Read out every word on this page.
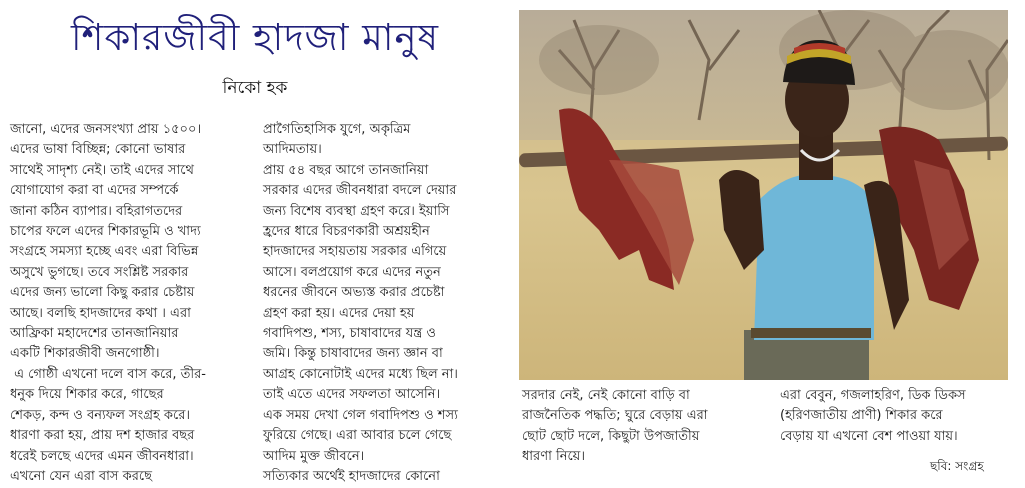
শিকারজীবী হাদজা মানুষ
নিকো হক

জানো, এদের জনসংখ্যা প্রায় ১৫০০।

এদের ভাষা বিচ্ছিন্ন; কোনো ভাষার

সাথেই সাদৃশ্য নেই। তাই এদের সাথে

যোগাযোগ করা বা এদের সম্পর্কে

জানা কঠিন ব্যাপার। বহিরাগতদের

চাপের ফলে এদের শিকারভূমি ও খাদ্য

সংগ্রহে সমস্যা হচ্ছে এবং এরা বিভিন্ন

অসুখে ভুগছে। তবে সংশ্লিষ্ট সরকার

এদের জন্য ভালো কিছু করার চেষ্টায়

আছে। বলছি হাদজাদের কথা । এরা

আফ্রিকা মহাদেশের তানজানিয়ার

একটি শিকারজীবী জনগোষ্ঠী।

এ গোষ্ঠী এখনো দলে বাস করে, তীর-

ধনুক দিয়ে শিকার করে, গাছের

শেকড়, কন্দ ও বন্যফল সংগ্রহ করে।

ধারণা করা হয়, প্রায় দশ হাজার বছর

ধরেই চলছে এদের এমন জীবনধারা।

এখনো যেন এরা বাস করছে

প্রাগৈতিহাসিক যুগে, অকৃত্রিম

আদিমতায়।

প্রায় ৫৪ বছর আগে তানজানিয়া

সরকার এদের জীবনধারা বদলে দেয়ার

জন্য বিশেষ ব্যবস্থা গ্রহণ করে। ইয়াসি

হ্রদের ধারে বিচরণকারী অশ্রয়হীন

হাদজাদের সহায়তায় সরকার এগিয়ে

আসে। বলপ্রয়োগ করে এদের নতুন

ধরনের জীবনে অভ্যস্ত করার প্রচেষ্টা

গ্রহণ করা হয়। এদের দেয়া হয়

গবাদিপশু, শস্য, চাষাবাদের যন্ত্র ও

জমি। কিন্তু চাষাবাদের জন্য জ্ঞান বা

আগ্রহ কোনোটাই এদের মধ্যে ছিল না।

তাই এতে এদের সফলতা আসেনি।

এক সময় দেখা গেল গবাদিপশু ও শস্য

ফুরিয়ে গেছে। এরা আবার চলে গেছে

আদিম মুক্ত জীবনে।

সত্যিকার অর্থেই হাদজাদের কোনো

সরদার নেই, নেই কোনো বাড়ি বা

রাজনৈতিক পদ্ধতি; ঘুরে বেড়ায় এরা

ছোট ছোট দলে, কিছুটা উপজাতীয়

ধারণা নিয়ে।

এরা বেবুন, গজলাহরিণ, ডিক ডিকস

(হরিণজাতীয় প্রাণী) শিকার করে

বেড়ায় যা এখনো বেশ পাওয়া যায়।

ছবি: সংগ্রহ
